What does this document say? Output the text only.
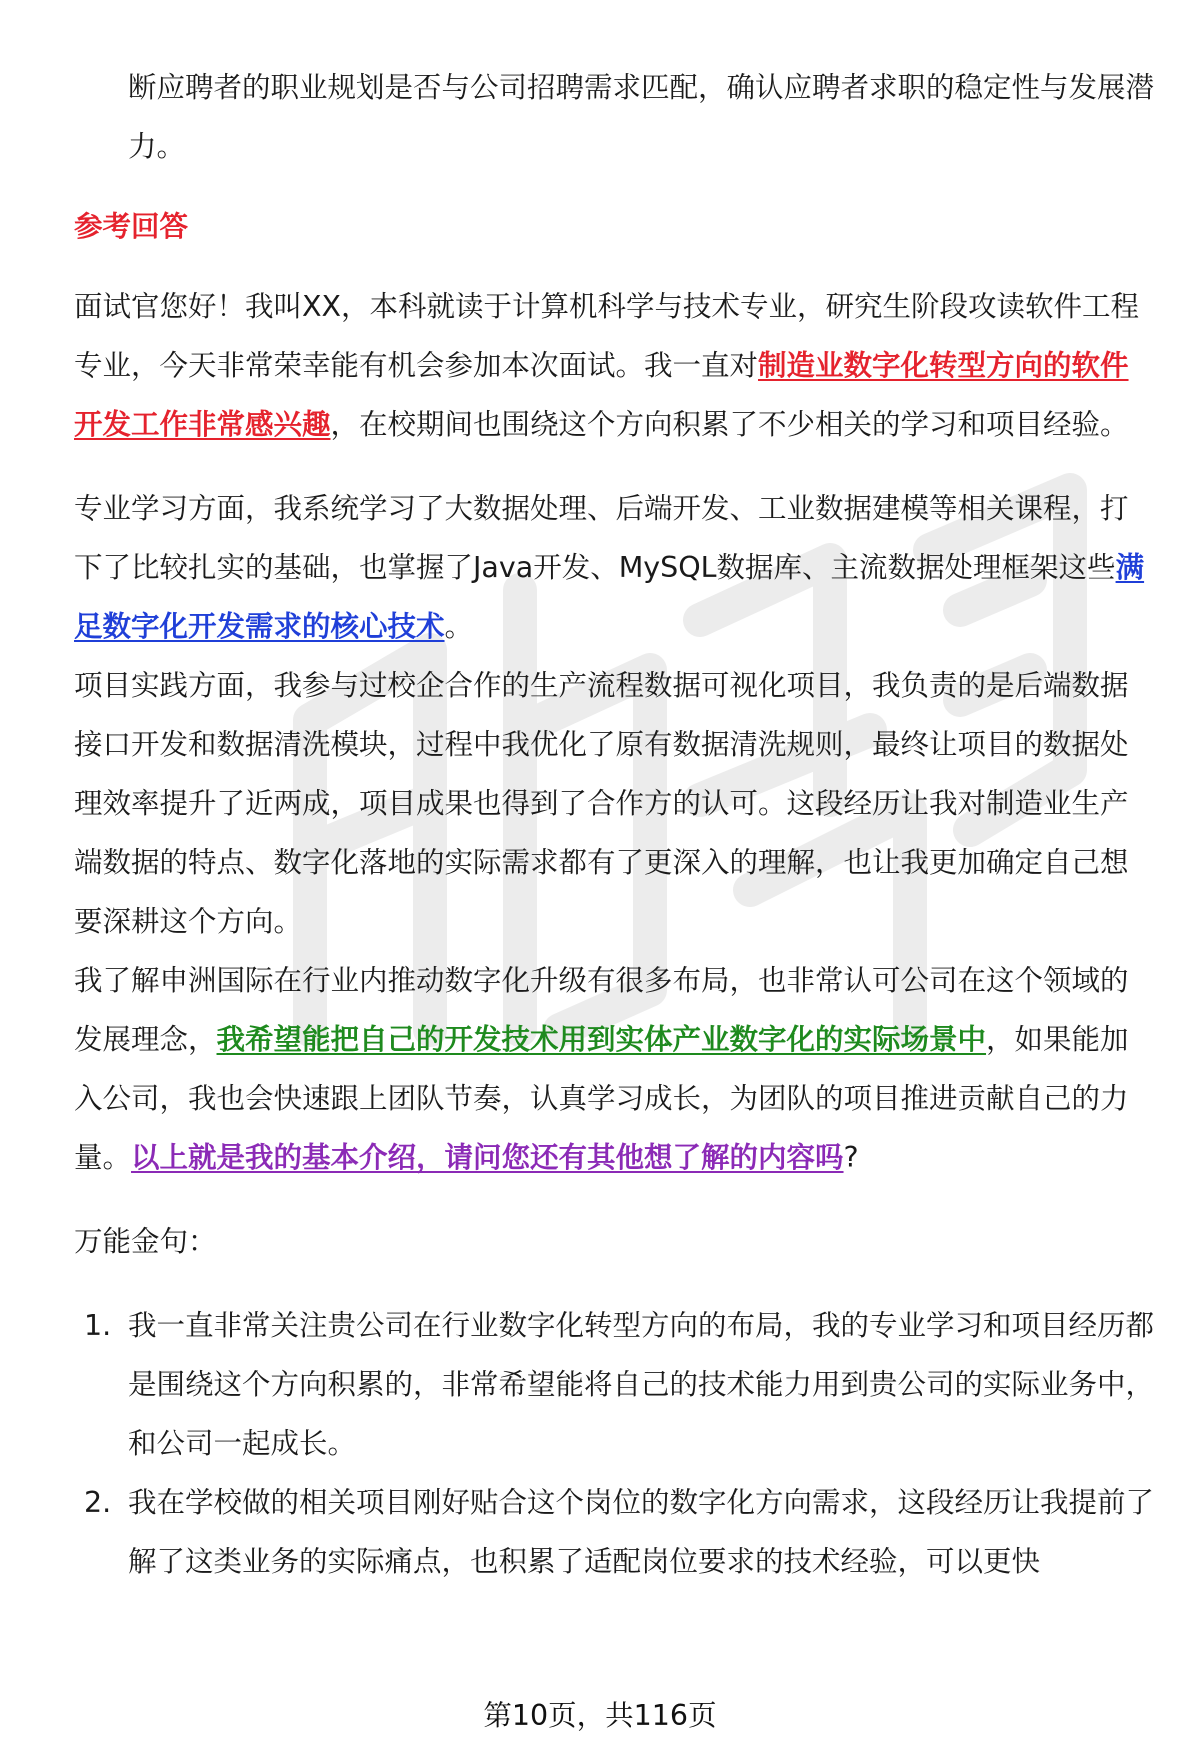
断应聘者的职业规划是否与公司招聘需求匹配，确认应聘者求职的稳定性与发展潜力。

参考回答

面试官您好！我叫XX，本科就读于计算机科学与技术专业，研究生阶段攻读软件工程专业，今天非常荣幸能有机会参加本次面试。我一直对制造业数字化转型方向的软件开发工作非常感兴趣，在校期间也围绕这个方向积累了不少相关的学习和项目经验。

专业学习方面，我系统学习了大数据处理、后端开发、工业数据建模等相关课程，打下了比较扎实的基础，也掌握了Java开发、MySQL数据库、主流数据处理框架这些满足数字化开发需求的核心技术。

项目实践方面，我参与过校企合作的生产流程数据可视化项目，我负责的是后端数据接口开发和数据清洗模块，过程中我优化了原有数据清洗规则，最终让项目的数据处理效率提升了近两成，项目成果也得到了合作方的认可。这段经历让我对制造业生产端数据的特点、数字化落地的实际需求都有了更深入的理解，也让我更加确定自己想要深耕这个方向。

我了解申洲国际在行业内推动数字化升级有很多布局，也非常认可公司在这个领域的发展理念，我希望能把自己的开发技术用到实体产业数字化的实际场景中，如果能加入公司，我也会快速跟上团队节奏，认真学习成长，为团队的项目推进贡献自己的力量。以上就是我的基本介绍，请问您还有其他想了解的内容吗?

万能金句：

1. 我一直非常关注贵公司在行业数字化转型方向的布局，我的专业学习和项目经历都是围绕这个方向积累的，非常希望能将自己的技术能力用到贵公司的实际业务中，和公司一起成长。
2. 我在学校做的相关项目刚好贴合这个岗位的数字化方向需求，这段经历让我提前了解了这类业务的实际痛点，也积累了适配岗位要求的技术经验，可以更快
第10页，共116页
